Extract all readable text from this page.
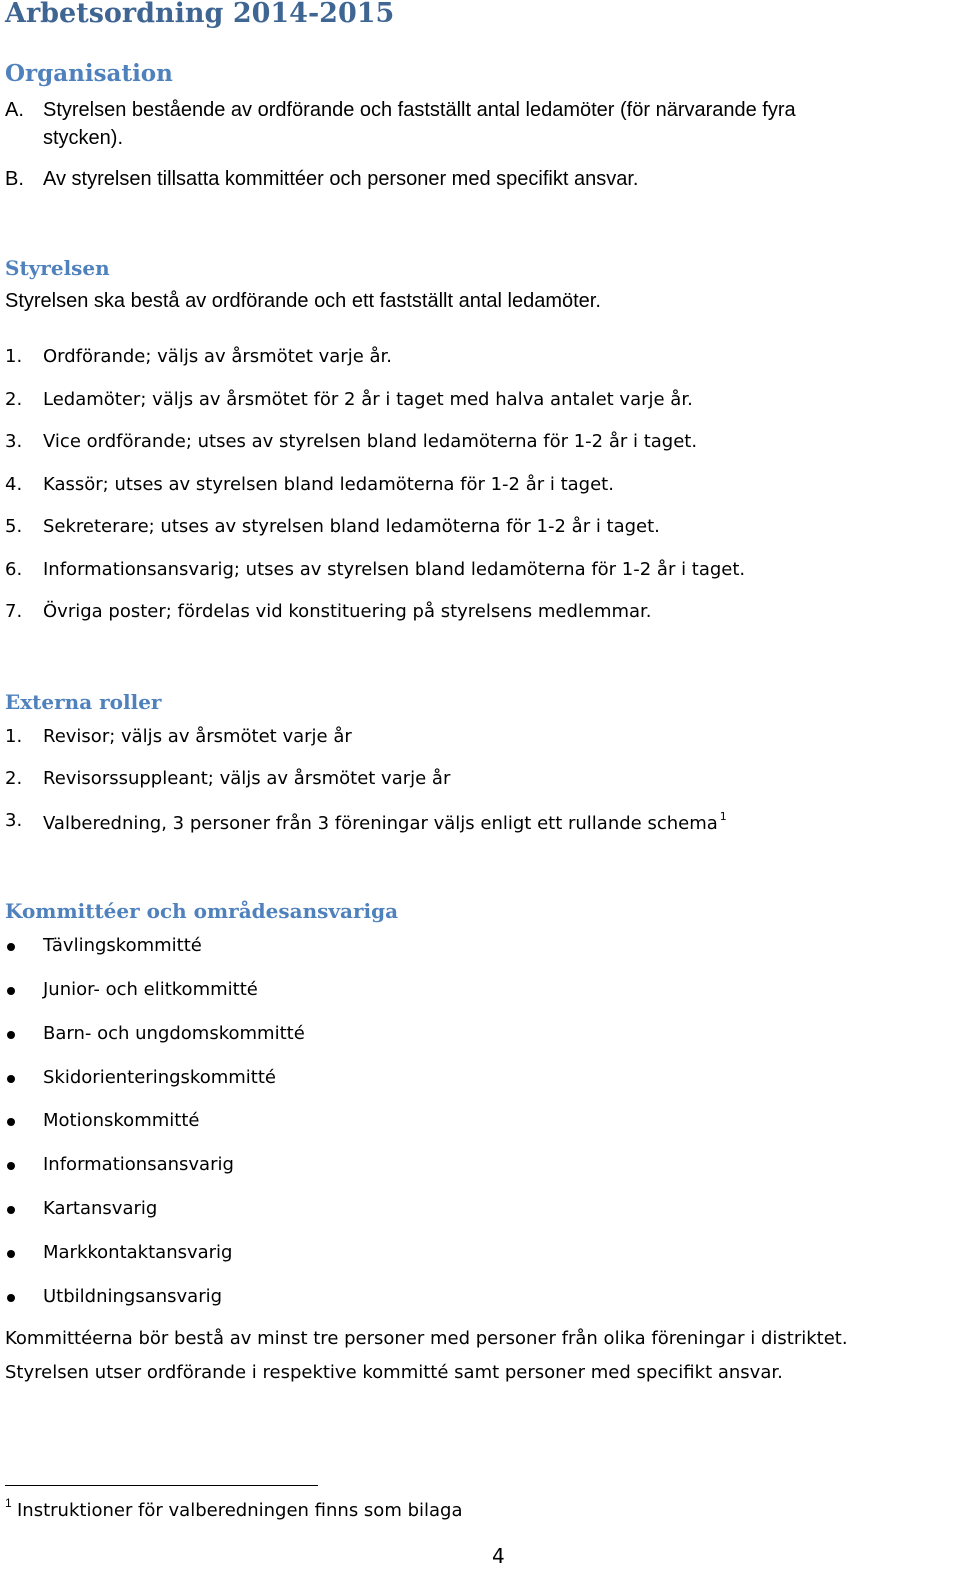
Arbetsordning 2014-2015
Organisation
A. Styrelsen bestående av ordförande och fastställt antal ledamöter (för närvarande fyra
stycken).
B. Av styrelsen tillsatta kommittéer och personer med specifikt ansvar.
Styrelsen
Styrelsen ska bestå av ordförande och ett fastställt antal ledamöter.
1. Ordförande; väljs av årsmötet varje år.
2. Ledamöter; väljs av årsmötet för 2 år i taget med halva antalet varje år.
3. Vice ordförande; utses av styrelsen bland ledamöterna för 1-2 år i taget.
4. Kassör; utses av styrelsen bland ledamöterna för 1-2 år i taget.
5. Sekreterare; utses av styrelsen bland ledamöterna för 1-2 år i taget.
6. Informationsansvarig; utses av styrelsen bland ledamöterna för 1-2 år i taget.
7. Övriga poster; fördelas vid konstituering på styrelsens medlemmar.
Externa roller
1. Revisor; väljs av årsmötet varje år
2. Revisorssuppleant; väljs av årsmötet varje år
3. Valberedning, 3 personer från 3 föreningar väljs enligt ett rullande schema $^1$
Kommittéer och områdesansvariga
Tävlingskommitté
Junior- och elitkommitté
Barn- och ungdomskommitté
Skidorienteringskommitté
Motionskommitté
Informationsansvarig
Kartansvarig
Markkontaktansvarig
Utbildningsansvarig
Kommittéerna bör bestå av minst tre personer med personer från olika föreningar i distriktet.
Styrelsen utser ordförande i respektive kommitté samt personer med specifikt ansvar.
1 Instruktioner för valberedningen finns som bilaga
4
